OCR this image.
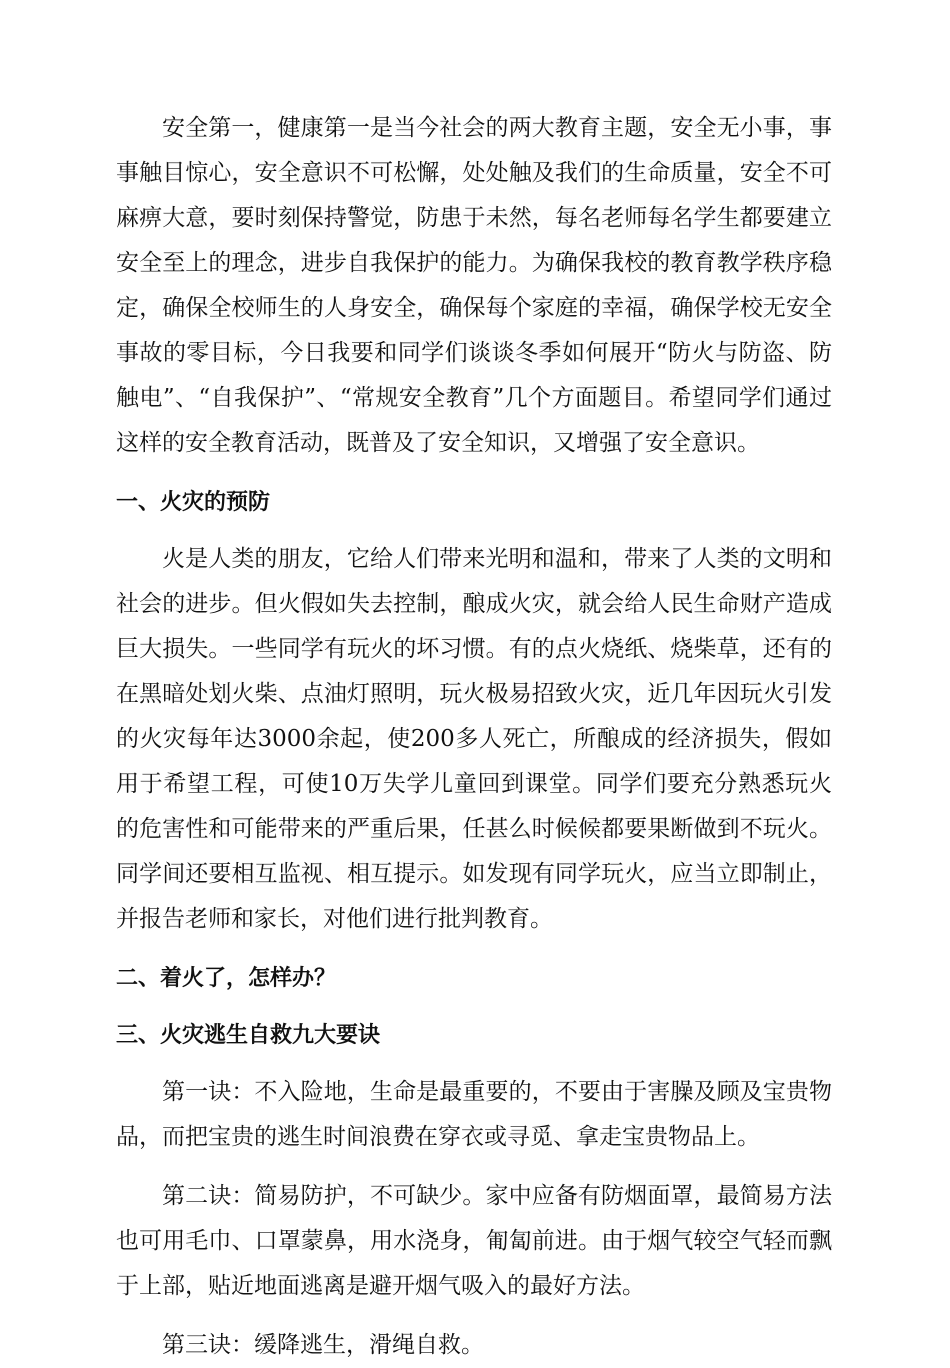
安全第一，健康第一是当今社会的两大教育主题，安全无小事，事事触目惊心，安全意识不可松懈，处处触及我们的生命质量，安全不可麻痹大意，要时刻保持警觉，防患于未然，每名老师每名学生都要建立安全至上的理念，进步自我保护的能力。为确保我校的教育教学秩序稳定，确保全校师生的人身安全，确保每个家庭的幸福，确保学校无安全事故的零目标，今日我要和同学们谈谈冬季如何展开“防火与防盗、防触电”、“自我保护”、“常规安全教育”几个方面题目。希望同学们通过这样的安全教育活动，既普及了安全知识，又增强了安全意识。

一、火灾的预防

火是人类的朋友，它给人们带来光明和温和，带来了人类的文明和社会的进步。但火假如失去控制，酿成火灾，就会给人民生命财产造成巨大损失。一些同学有玩火的坏习惯。有的点火烧纸、烧柴草，还有的在黑暗处划火柴、点油灯照明，玩火极易招致火灾，近几年因玩火引发的火灾每年达3000余起，使200多人死亡，所酿成的经济损失，假如用于希望工程，可使10万失学儿童回到课堂。同学们要充分熟悉玩火的危害性和可能带来的严重后果，任甚么时候候都要果断做到不玩火。同学间还要相互监视、相互提示。如发现有同学玩火，应当立即制止，并报告老师和家长，对他们进行批判教育。

二、着火了，怎样办？

三、火灾逃生自救九大要诀

第一诀：不入险地，生命是最重要的，不要由于害臊及顾及宝贵物品，而把宝贵的逃生时间浪费在穿衣或寻觅、拿走宝贵物品上。

第二诀：简易防护，不可缺少。家中应备有防烟面罩，最简易方法也可用毛巾、口罩蒙鼻，用水浇身，匍匐前进。由于烟气较空气轻而飘于上部，贴近地面逃离是避开烟气吸入的最好方法。

第三诀：缓降逃生，滑绳自救。
